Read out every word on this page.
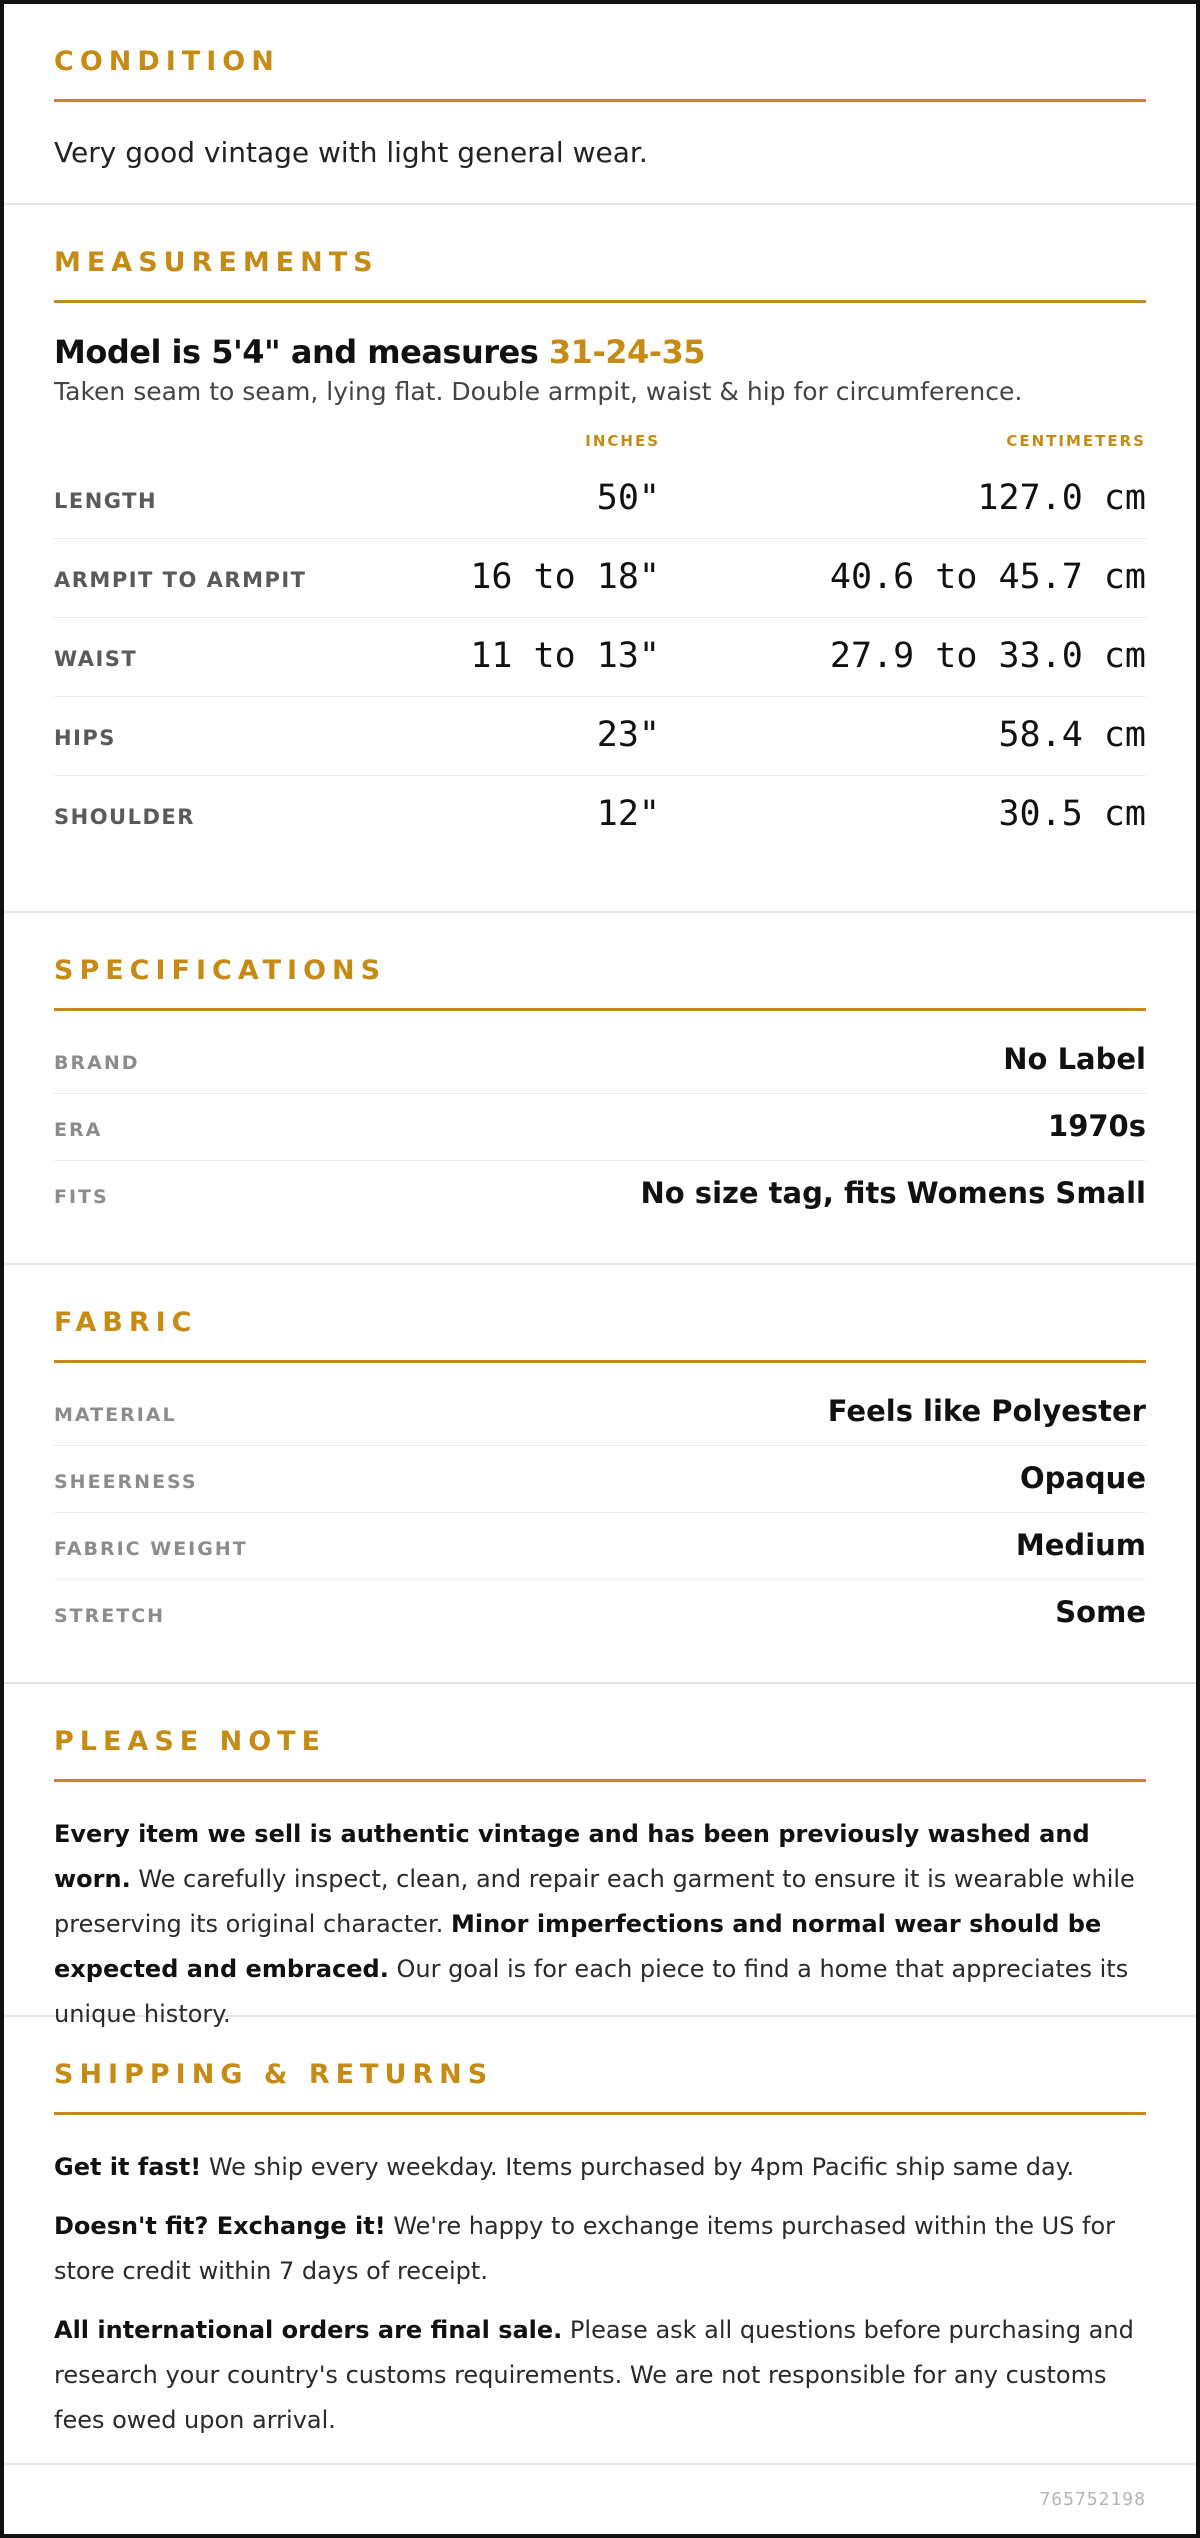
CONDITION
Very good vintage with light general wear.
MEASUREMENTS
Model is 5'4" and measures 31-24-35
Taken seam to seam, lying flat. Double armpit, waist & hip for circumference.
INCHES	CENTIMETERS
LENGTH	50"	127.0 cm
ARMPIT TO ARMPIT	16 to 18"	40.6 to 45.7 cm
WAIST	11 to 13"	27.9 to 33.0 cm
HIPS	23"	58.4 cm
SHOULDER	12"	30.5 cm
SPECIFICATIONS
BRAND	No Label
ERA	1970s
FITS	No size tag, fits Womens Small
FABRIC
MATERIAL	Feels like Polyester
SHEERNESS	Opaque
FABRIC WEIGHT	Medium
STRETCH	Some
PLEASE NOTE

Every item we sell is authentic vintage and has been previously washed and worn. We carefully inspect, clean, and repair each garment to ensure it is wearable while preserving its original character. Minor imperfections and normal wear should be expected and embraced. Our goal is for each piece to find a home that appreciates its unique history.

SHIPPING & RETURNS

Get it fast! We ship every weekday. Items purchased by 4pm Pacific ship same day.

Doesn't fit? Exchange it! We're happy to exchange items purchased within the US for store credit within 7 days of receipt.

All international orders are final sale. Please ask all questions before purchasing and research your country's customs requirements. We are not responsible for any customs fees owed upon arrival.

765752198
